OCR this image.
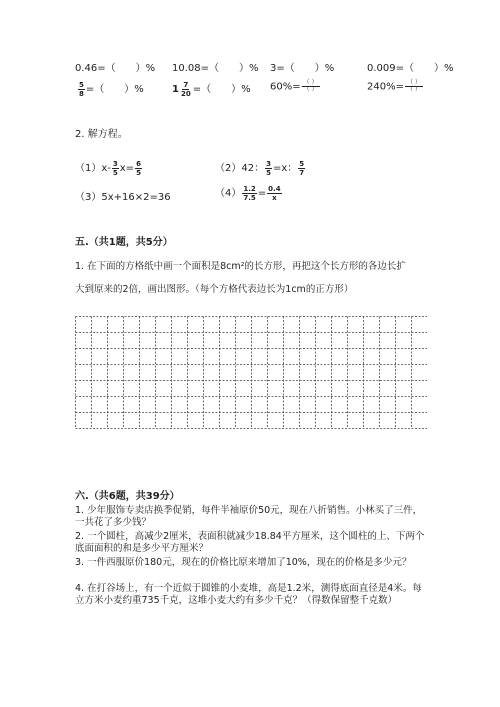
0.46=（　　）% 10.08=（　　）% 3=（　　）%	0.009=（　　）%
$\frac{5}{8}$ =（　　）%	$1 \frac{7}{20}$ =（　　）% $60\%= \frac{( )}{( )}$	$240\%= \frac{( )}{( )}$
2. 解方程。
$(1)x- \frac{3}{5} x= \frac{6}{5}$	（2）42： $\frac{3}{5} =x$： $\frac{5}{7}$
（3）5x+16×2=36	$(4) \frac{1.2}{7.5} = \frac{0.4}{x}$
五.（共1题，共5分）
1. 在下面的方格纸中画一个面积是8cm²的长方形，再把这个长方形的各边长扩
大到原来的2倍，画出图形。（每个方格代表边长为1cm的正方形）
六.（共6题，共39分）
1. 少年服饰专卖店换季促销，每件半袖原价50元，现在八折销售。小林买了三件，一共花了多少钱？
2. 一个圆柱，高减少2厘米，表面积就减少18.84平方厘米，这个圆柱的上、下两个底面面积的和是多少平方厘米？
3. 一件西服原价180元，现在的价格比原来增加了10%，现在的价格是多少元？
4. 在打谷场上，有一个近似于圆锥的小麦堆，高是1.2米，测得底面直径是4米。每立方米小麦约重735千克，这堆小麦大约有多少千克？（得数保留整千克数）
